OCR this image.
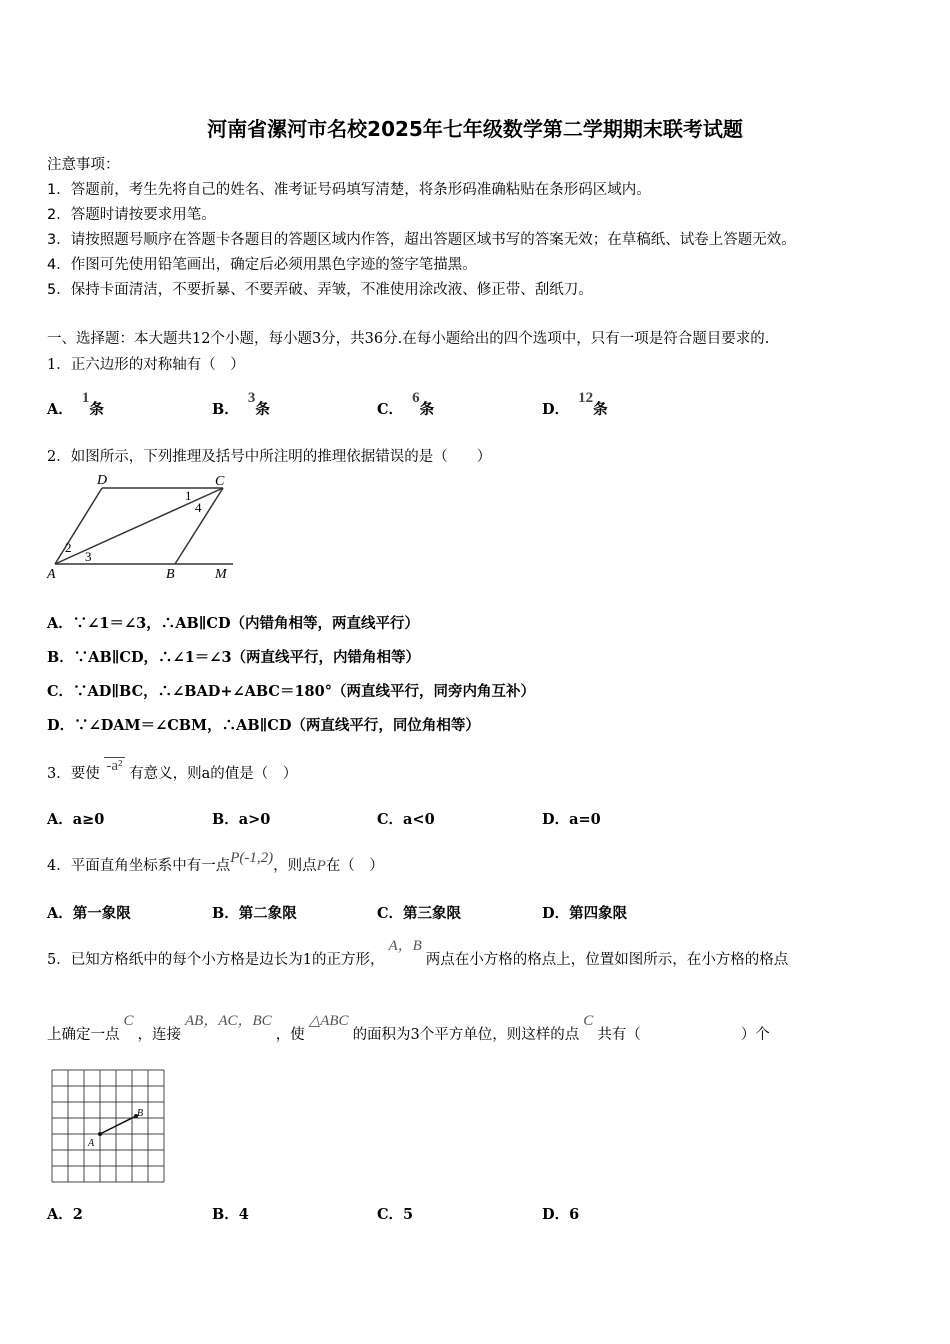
河南省漯河市名校2025年七年级数学第二学期期末联考试题
注意事项：
1．答题前，考生先将自己的姓名、准考证号码填写清楚，将条形码准确粘贴在条形码区域内。
2．答题时请按要求用笔。
3．请按照题号顺序在答题卡各题目的答题区域内作答，超出答题区域书写的答案无效；在草稿纸、试卷上答题无效。
4．作图可先使用铅笔画出，确定后必须用黑色字迹的签字笔描黑。
5．保持卡面清洁，不要折暴、不要弄破、弄皱，不准使用涂改液、修正带、刮纸刀。
一、选择题：本大题共12个小题，每小题3分，共36分.在每小题给出的四个选项中，只有一项是符合题目要求的.
1．正六边形的对称轴有（　）
A． 1条	B． 3条	C． 6条	D． 12条
2．如图所示，下列推理及括号中所注明的推理依据错误的是（　　）
D	C
A	B	M
1
2
3
4
A．∵∠1＝∠3，∴AB∥CD（内错角相等，两直线平行）
B．∵AB∥CD，∴∠1＝∠3（两直线平行，内错角相等）
C．∵AD∥BC，∴∠BAD+∠ABC＝180°（两直线平行，同旁内角互补）
D．∵∠DAM＝∠CBM，∴AB∥CD（两直线平行，同位角相等）
3．要使 -a² 有意义，则a的值是（　）
A．a≥0	B．a>0	C．a<0	D．a=0
4．平面直角坐标系中有一点P(-1,2)，则点P在（　）
A．第一象限	B．第二象限	C．第三象限	D．第四象限
5．已知方格纸中的每个小方格是边长为1的正方形，A，B两点在小方格的格点上，位置如图所示，在小方格的格点
上确定一点C，连接AB，AC，BC，使△ABC的面积为3个平方单位，则这样的点C共有（	）个
A
B
A．2	B．4	C．5	D．6
